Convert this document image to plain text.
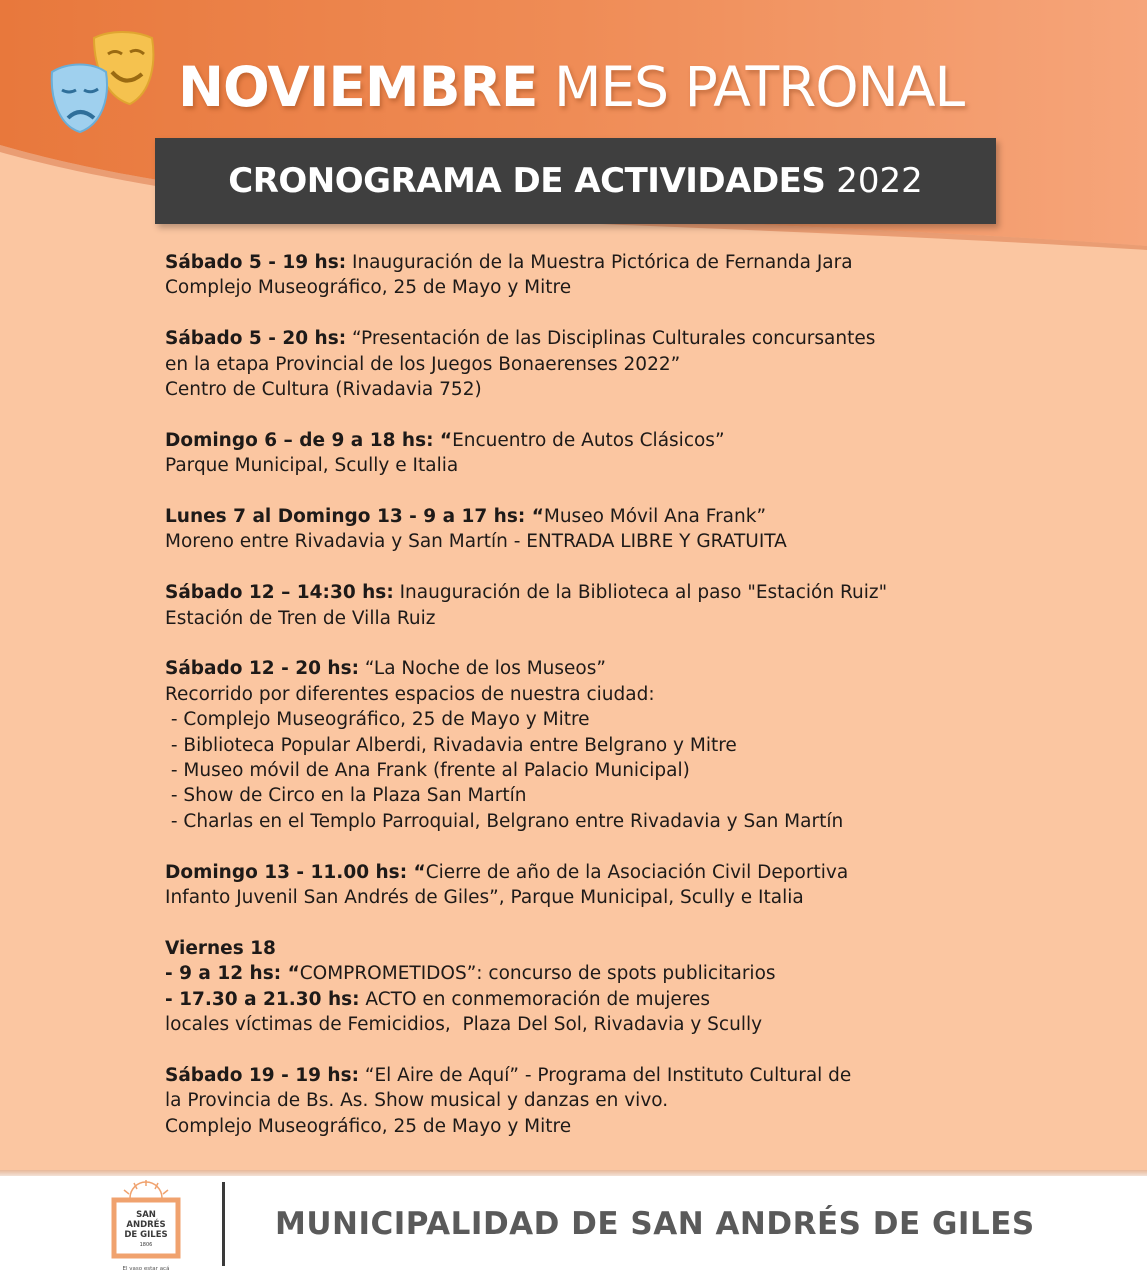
NOVIEMBRE MES PATRONAL
CRONOGRAMA DE ACTIVIDADES 2022
Sábado 5 - 19 hs: Inauguración de la Muestra Pictórica de Fernanda Jara
Complejo Museográfico, 25 de Mayo y Mitre
Sábado 5 - 20 hs: “Presentación de las Disciplinas Culturales concursantes
en la etapa Provincial de los Juegos Bonaerenses 2022”
Centro de Cultura (Rivadavia 752)
Domingo 6 – de 9 a 18 hs: “Encuentro de Autos Clásicos”
Parque Municipal, Scully e Italia
Lunes 7 al Domingo 13 - 9 a 17 hs: “Museo Móvil Ana Frank”
Moreno entre Rivadavia y San Martín - ENTRADA LIBRE Y GRATUITA
Sábado 12 – 14:30 hs: Inauguración de la Biblioteca al paso "Estación Ruiz"
Estación de Tren de Villa Ruiz
Sábado 12 - 20 hs: “La Noche de los Museos”
Recorrido por diferentes espacios de nuestra ciudad:
- Complejo Museográfico, 25 de Mayo y Mitre
- Biblioteca Popular Alberdi, Rivadavia entre Belgrano y Mitre
- Museo móvil de Ana Frank (frente al Palacio Municipal)
- Show de Circo en la Plaza San Martín
- Charlas en el Templo Parroquial, Belgrano entre Rivadavia y San Martín
Domingo 13 - 11.00 hs: “Cierre de año de la Asociación Civil Deportiva
Infanto Juvenil San Andrés de Giles”, Parque Municipal, Scully e Italia
Viernes 18
- 9 a 12 hs: “COMPROMETIDOS”: concurso de spots publicitarios
- 17.30 a 21.30 hs: ACTO en conmemoración de mujeres
locales víctimas de Femicidios,  Plaza Del Sol, Rivadavia y Scully
Sábado 19 - 19 hs: “El Aire de Aquí” - Programa del Instituto Cultural de
la Provincia de Bs. As. Show musical y danzas en vivo.
Complejo Museográfico, 25 de Mayo y Mitre
SAN
ANDRÉS
DE GILES
1806
El vaso estar acá
MUNICIPALIDAD DE SAN ANDRÉS DE GILES
